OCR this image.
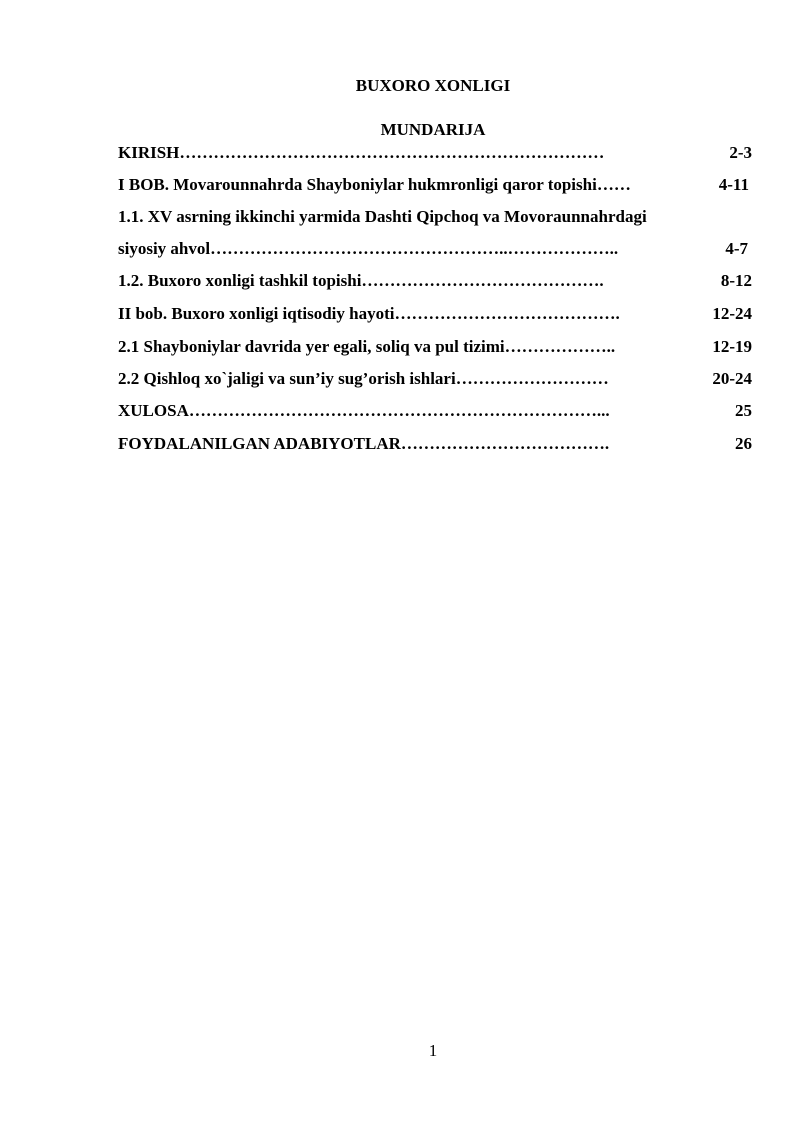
BUXORO XONLIGI
MUNDARIJA
KIRISH…………………………………………………………………	2-3
I BOB. Movarounnahrda Shayboniylar hukmronligi qaror topishi……	4-11
1.1. XV asrning ikkinchi yarmida Dashti Qipchoq va Movoraunnahrdagi
siyosiy ahvol……………………………………………..………………..	4-7
1.2. Buxoro xonligi tashkil topishi…………………………………….	8-12
II bob. Buxoro xonligi iqtisodiy hayoti………………………………….	12-24
2.1 Shayboniylar davrida yer egali, soliq va pul tizimi………………..	12-19
2.2 Qishloq xo`jaligi va sun’iy sug’orish ishlari………………………	20-24
XULOSA………………………………………………………………...	25
FOYDALANILGAN ADABIYOTLAR……………………………….	26
1
